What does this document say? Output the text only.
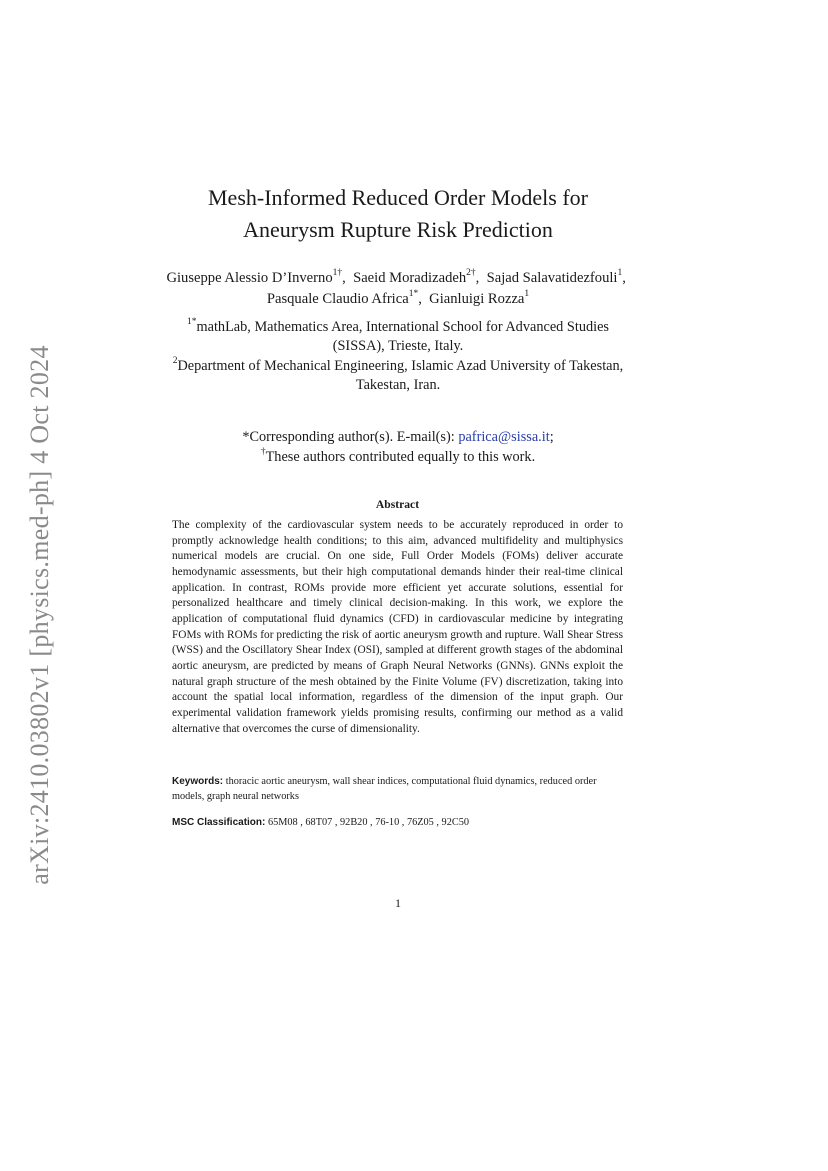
arXiv:2410.03802v1 [physics.med-ph] 4 Oct 2024
Mesh-Informed Reduced Order Models for
Aneurysm Rupture Risk Prediction
Giuseppe Alessio D’Inverno$^{1\dagger}$,  Saeid Moradizadeh$^{2\dagger}$,  Sajad Salavatidezfouli$^1$,  Pasquale Claudio Africa$^{1*}$,  Gianluigi Rozza$^1$
$^{1*}$mathLab, Mathematics Area, International School for Advanced Studies (SISSA), Trieste, Italy.
$^2$Department of Mechanical Engineering, Islamic Azad University of Takestan, Takestan, Iran.
*Corresponding author(s). E-mail(s): pafrica@sissa.it;
†These authors contributed equally to this work.
Abstract
The complexity of the cardiovascular system needs to be accurately reproduced in order to promptly acknowledge health conditions; to this aim, advanced multifidelity and multiphysics numerical models are crucial. On one side, Full Order Models (FOMs) deliver accurate hemodynamic assessments, but their high computational demands hinder their real-time clinical application. In contrast, ROMs provide more efficient yet accurate solutions, essential for personalized healthcare and timely clinical decision-making. In this work, we explore the application of computational fluid dynamics (CFD) in cardiovascular medicine by integrating FOMs with ROMs for predicting the risk of aortic aneurysm growth and rupture. Wall Shear Stress (WSS) and the Oscillatory Shear Index (OSI), sampled at different growth stages of the abdominal aortic aneurysm, are predicted by means of Graph Neural Networks (GNNs). GNNs exploit the natural graph structure of the mesh obtained by the Finite Volume (FV) discretization, taking into account the spatial local information, regardless of the dimension of the input graph. Our experimental validation framework yields promising results, confirming our method as a valid alternative that overcomes the curse of dimensionality.
Keywords: thoracic aortic aneurysm, wall shear indices, computational fluid dynamics, reduced order models, graph neural networks
MSC Classification: 65M08 , 68T07 , 92B20 , 76-10 , 76Z05 , 92C50
1
